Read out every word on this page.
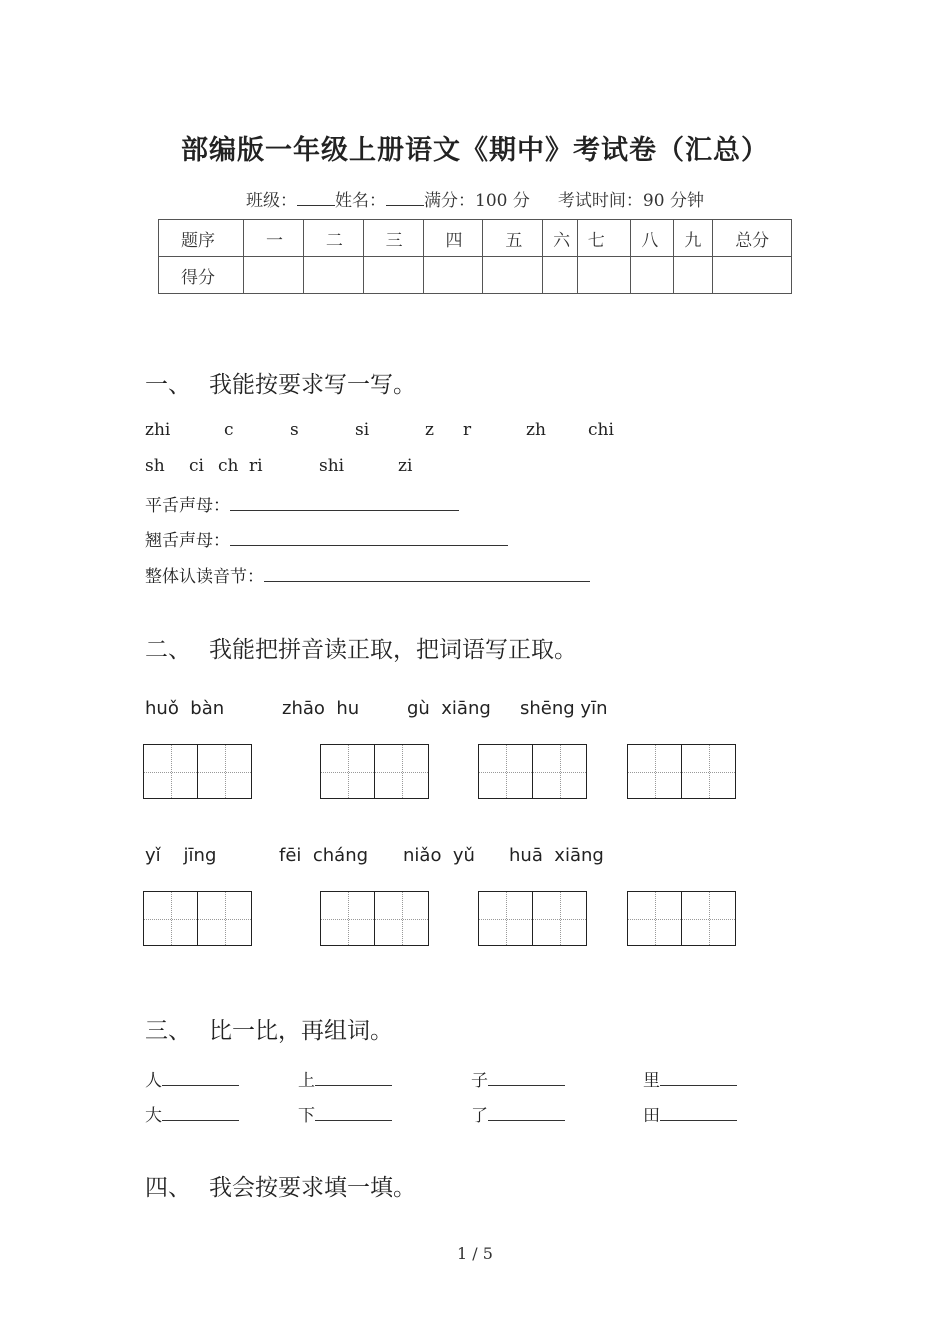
部编版一年级上册语文《期中》考试卷（汇总）
班级： 姓名： 满分：100 分 考试时间：90 分钟
题序	一	二	三	四	五	六	七	八	九	总分
得分										
一、 我能按要求写一写。
zhi	c	s	si	z r	zh chi
sh ci ch ri	shi	zi
平舌声母：
翘舌声母：
整体认读音节：
二、 我能把拼音读正取，把词语写正取。
huǒ  bàn	zhāo  hu	gù  xiāng shēng yīn
yǐ    jīng	fēi  cháng niǎo  yǔ huā  xiāng
三、 比一比，再组词。
人	上	子	里
大	下	了	田
四、 我会按要求填一填。
1 / 5
